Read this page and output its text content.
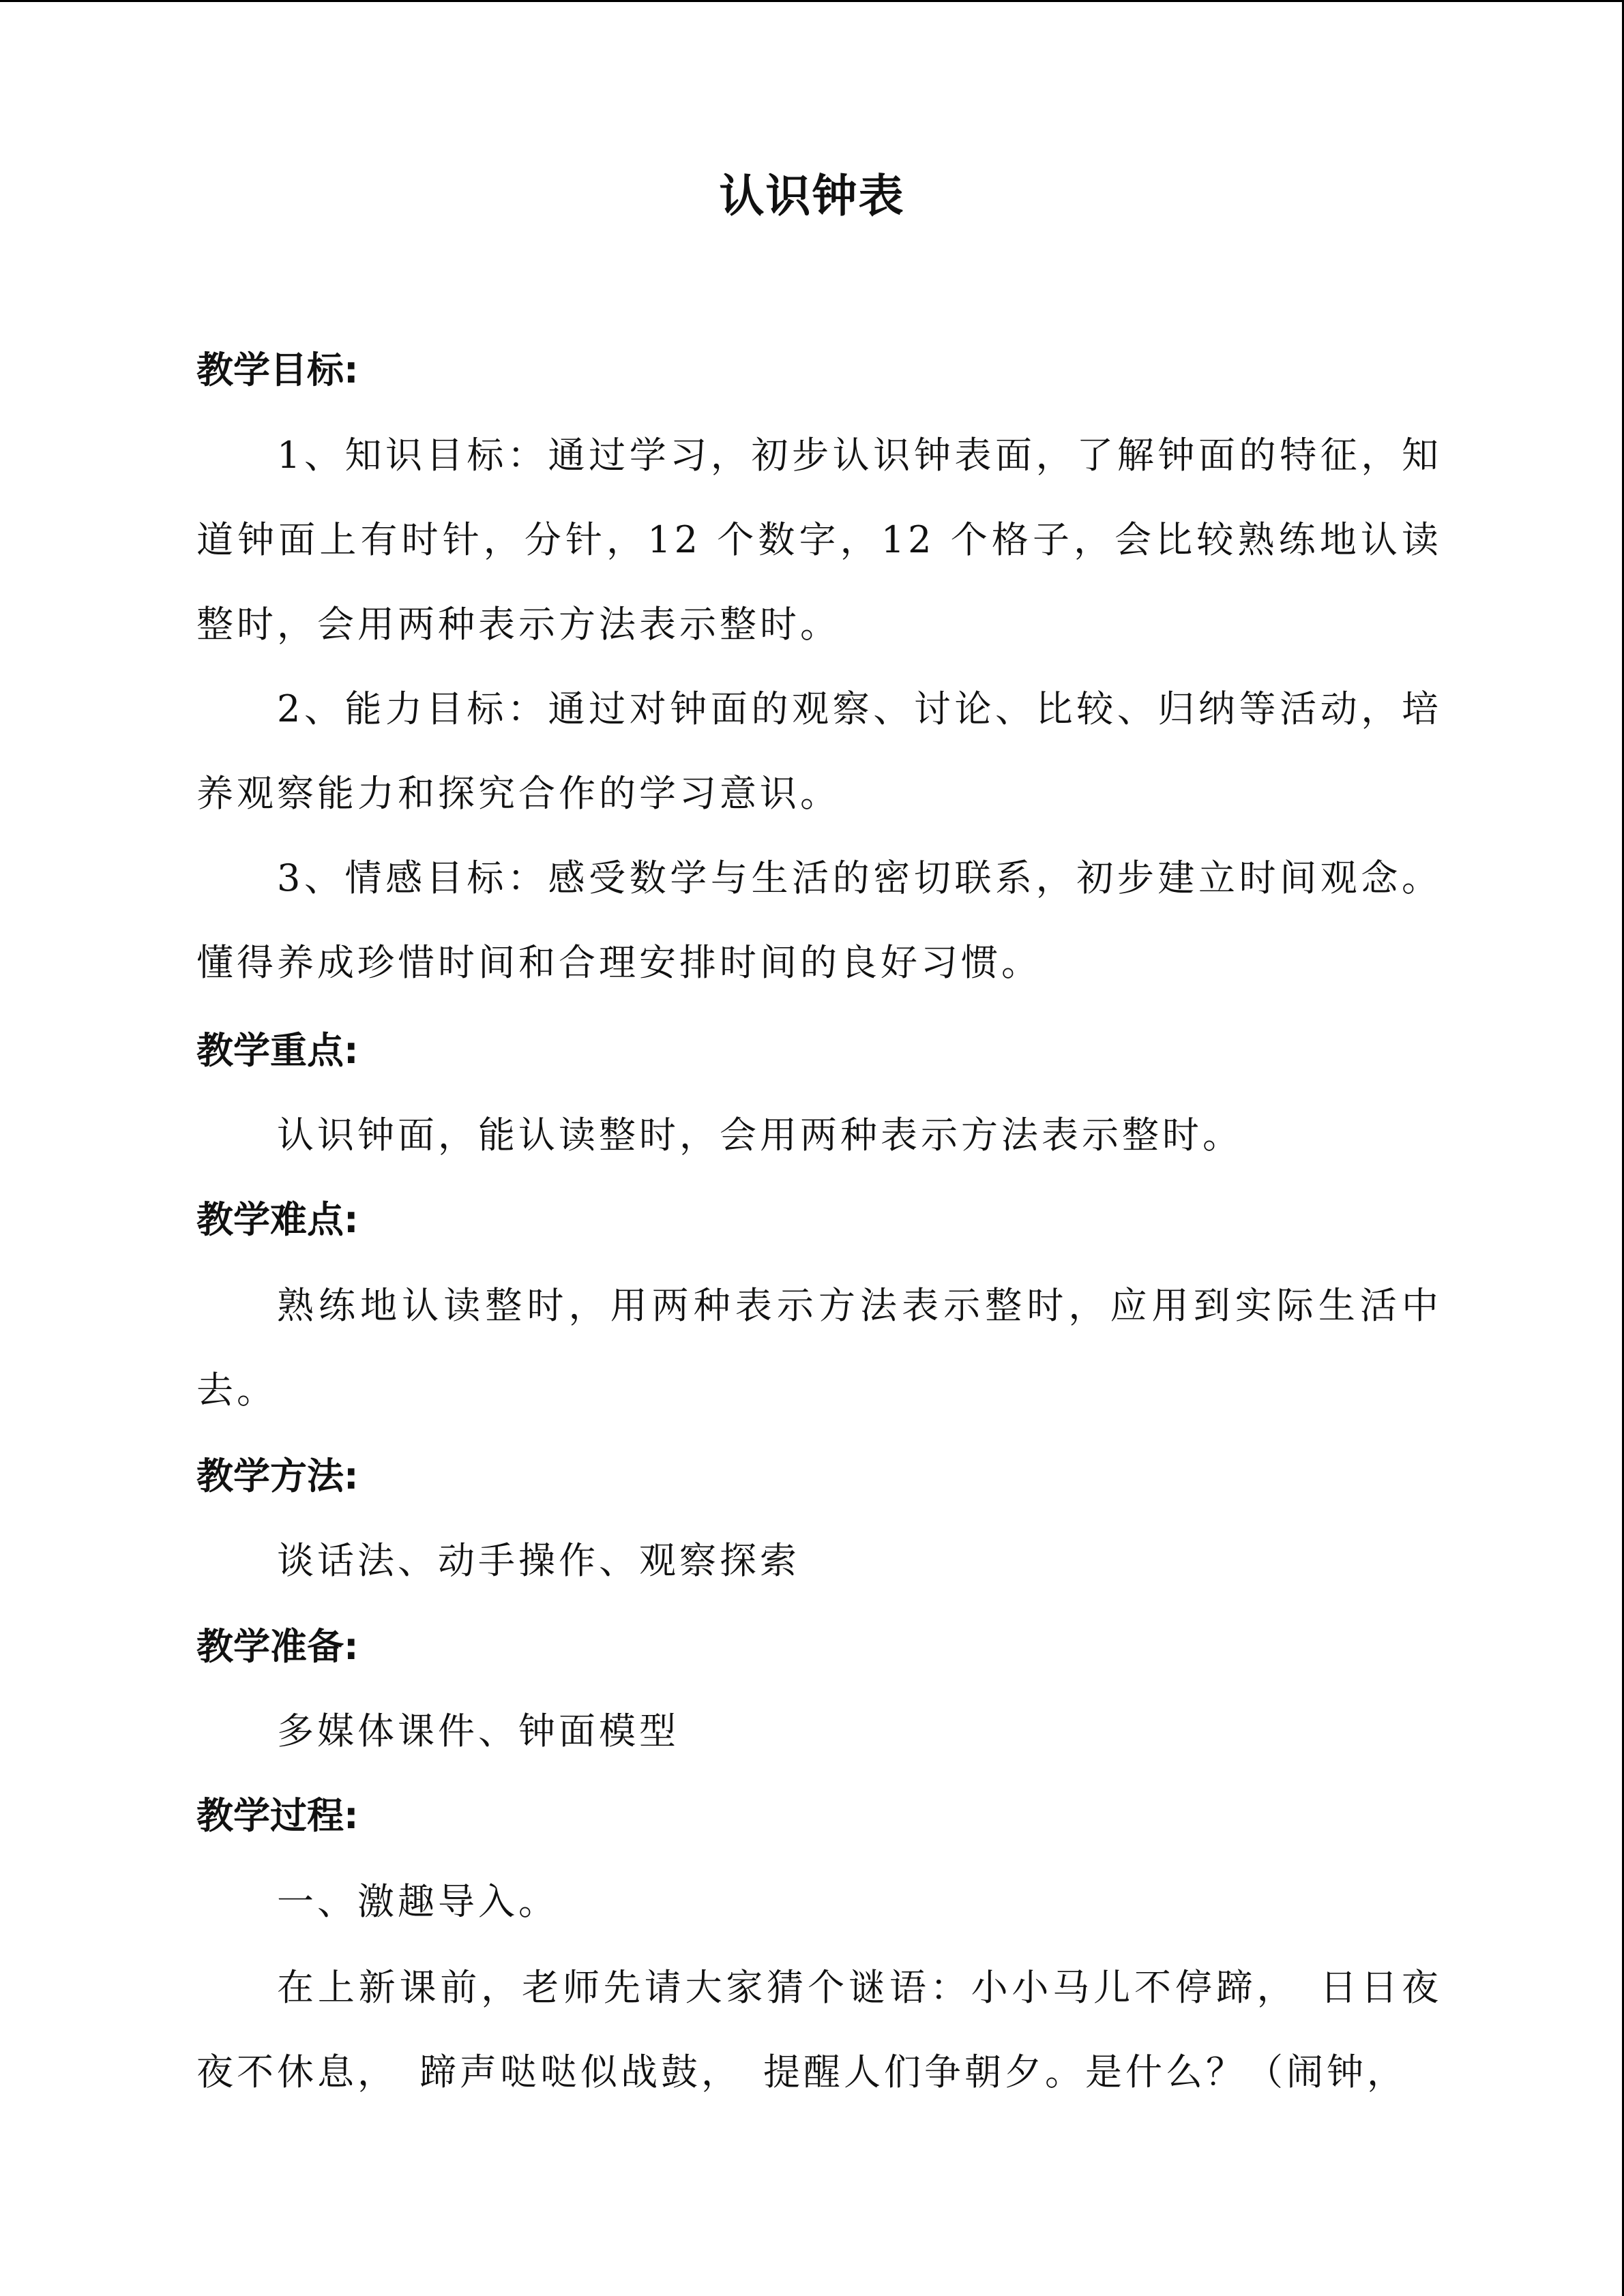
认识钟表
教学目标:
1、知识目标：通过学习，初步认识钟表面，了解钟面的特征，知道钟面上有时针，分针，12 个数字，12 个格子，会比较熟练地认读整时，会用两种表示方法表示整时。
2、能力目标：通过对钟面的观察、讨论、比较、归纳等活动，培养观察能力和探究合作的学习意识。
3、情感目标：感受数学与生活的密切联系，初步建立时间观念。懂得养成珍惜时间和合理安排时间的良好习惯。
教学重点:
认识钟面，能认读整时，会用两种表示方法表示整时。
教学难点:
熟练地认读整时，用两种表示方法表示整时，应用到实际生活中去。
教学方法:
谈话法、动手操作、观察探索
教学准备:
多媒体课件、钟面模型
教学过程:
一、激趣导入。
在上新课前，老师先请大家猜个谜语：小小马儿不停蹄，　日日夜夜不休息，　蹄声哒哒似战鼓，　提醒人们争朝夕。是什么？（闹钟，
